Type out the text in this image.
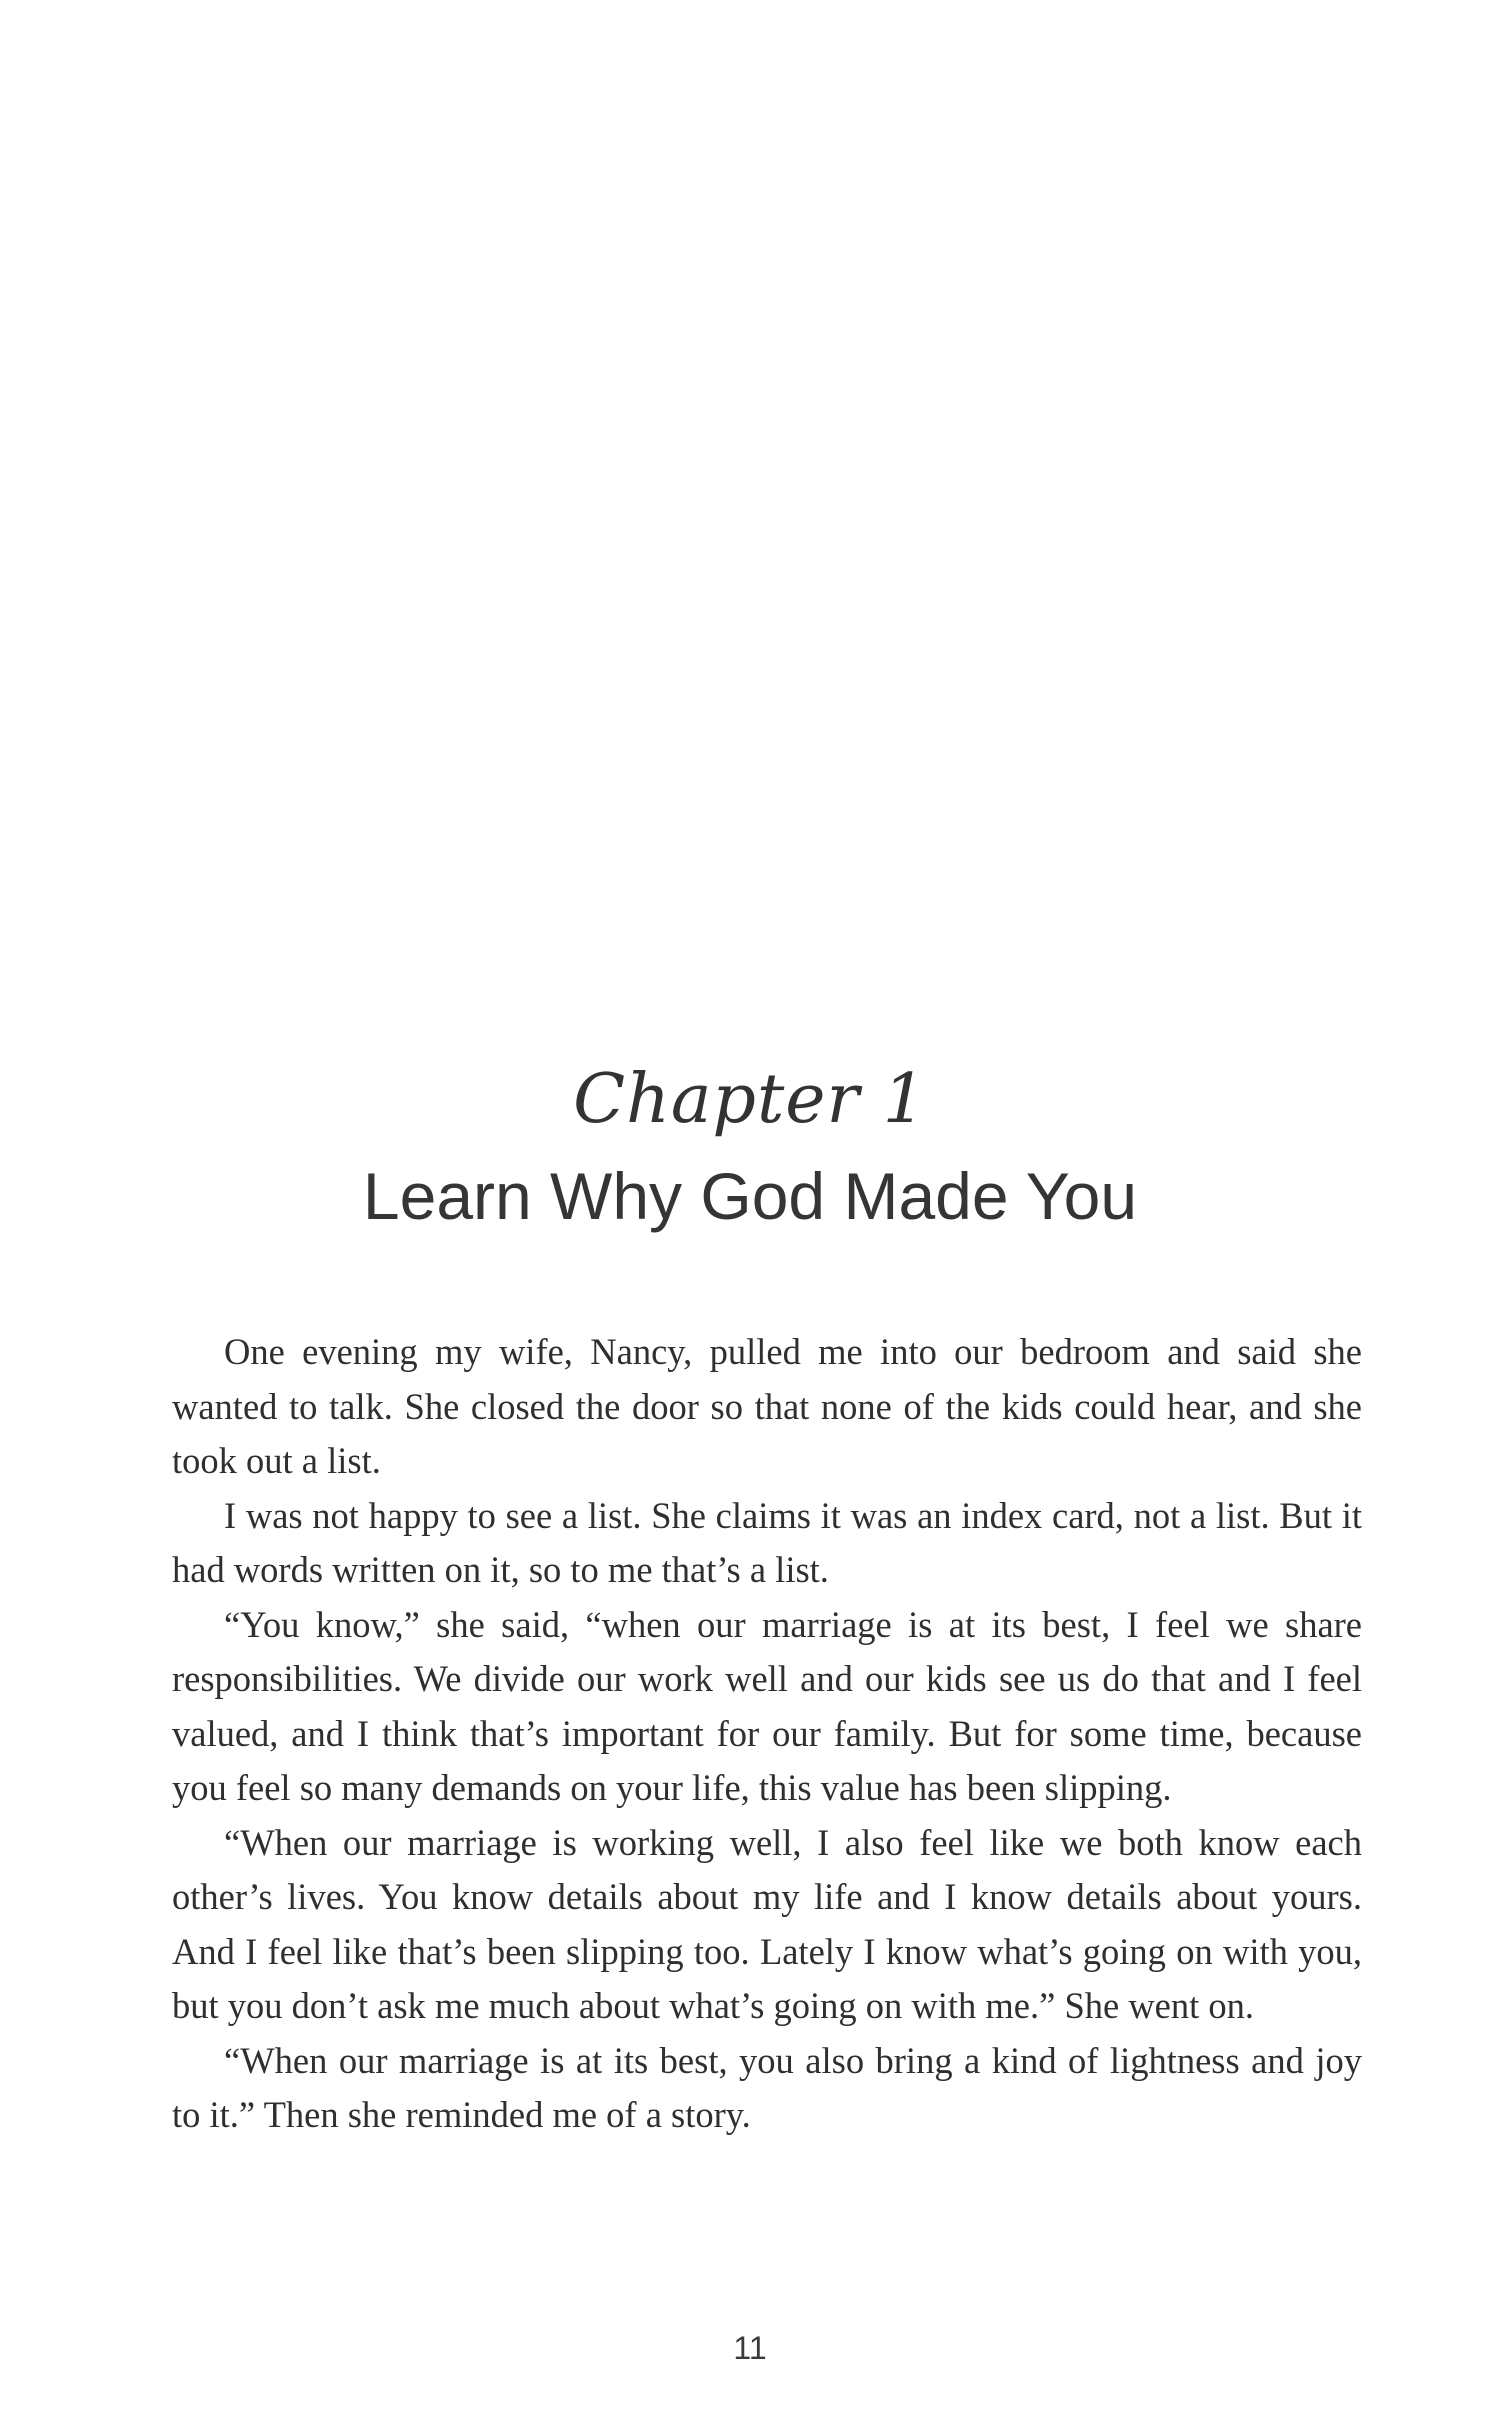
Chapter 1
Learn Why God Made You

One evening my wife, Nancy, pulled me into our bedroom and said she wanted to talk. She closed the door so that none of the kids could hear, and she took out a list.

I was not happy to see a list. She claims it was an index card, not a list. But it had words written on it, so to me that’s a list.

“You know,” she said, “when our marriage is at its best, I feel we share responsibilities. We divide our work well and our kids see us do that and I feel valued, and I think that’s important for our family. But for some time, because you feel so many demands on your life, this value has been slipping.

“When our marriage is working well, I also feel like we both know each other’s lives. You know details about my life and I know details about yours. And I feel like that’s been slipping too. Lately I know what’s going on with you, but you don’t ask me much about what’s going on with me.” She went on.

“When our marriage is at its best, you also bring a kind of lightness and joy to it.” Then she reminded me of a story.

11
